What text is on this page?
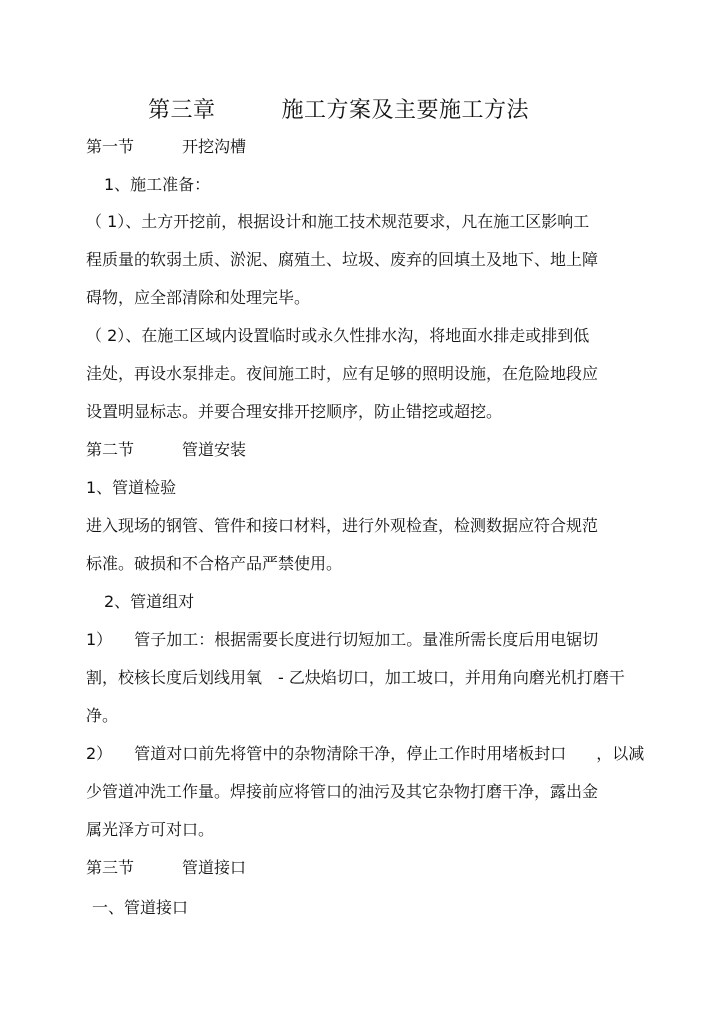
第三章	施工方案及主要施工方法
第一节	开挖沟槽
1、施工准备：
（ 1）、土方开挖前，根据设计和施工技术规范要求，凡在施工区影响工
程质量的软弱土质、淤泥、腐殖土、垃圾、废弃的回填土及地下、地上障
碍物，应全部清除和处理完毕。
（ 2）、在施工区域内设置临时或永久性排水沟，将地面水排走或排到低
洼处，再设水泵排走。夜间施工时，应有足够的照明设施，在危险地段应
设置明显标志。并要合理安排开挖顺序，防止错挖或超挖。
第二节	管道安装
1、管道检验
进入现场的钢管、管件和接口材料，进行外观检查，检测数据应符合规范
标准。破损和不合格产品严禁使用。
2、管道组对
1） 管子加工：根据需要长度进行切短加工。量准所需长度后用电锯切
割，校核长度后划线用氧 - 乙炔焰切口，加工坡口，并用角向磨光机打磨干
净。
2） 管道对口前先将管中的杂物清除干净，停止工作时用堵板封口 ，以减
少管道冲洗工作量。焊接前应将管口的油污及其它杂物打磨干净，露出金
属光泽方可对口。
第三节	管道接口
一、管道接口
